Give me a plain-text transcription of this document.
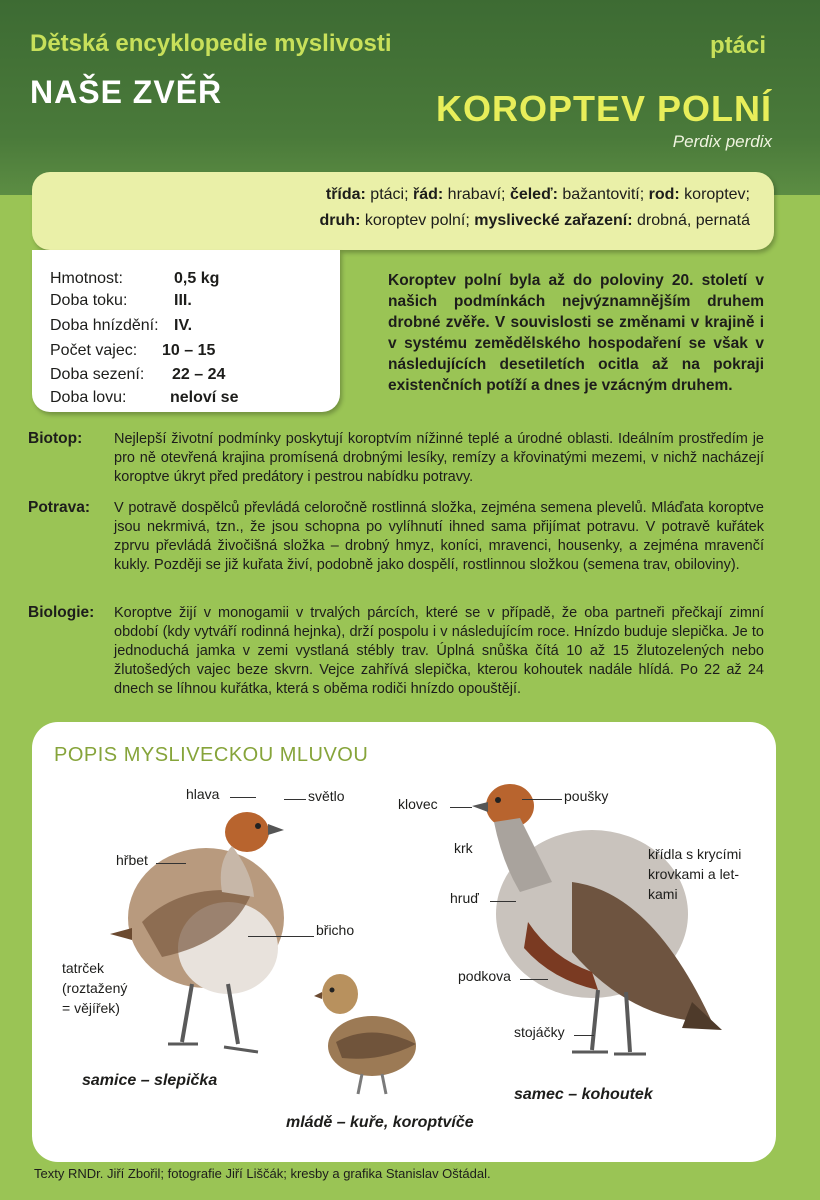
Dětská encyklopedie myslivosti
NAŠE ZVĚŘ
ptáci
KOROPTEV POLNÍ
Perdix perdix
třída: ptáci; řád: hrabaví; čeleď: bažantovití; rod: koroptev;
druh: koroptev polní; myslivecké zařazení: drobná, pernatá
Hmotnost:	0,5 kg
Doba toku:	III.
Doba hnízdění: IV.
Počet vajec: 10 – 15
Doba sezení: 22 – 24
Doba lovu:	neloví se
Koroptev polní byla až do poloviny 20. století v našich podmínkách nejvýznamnějším druhem drobné zvěře. V souvislosti se změnami v krajině i v systému zemědělského hospodaření se však v následujících desetiletích ocitla až na pokraji existenčních potíží a dnes je vzácným druhem.
Biotop: Nejlepší životní podmínky poskytují koroptvím nížinné teplé a úrodné oblasti. Ideálním prostředím je pro ně otevřená krajina promísená drobnými lesíky, remízy a křovinatými mezemi, v nichž nacházejí koroptve úkryt před predátory i pestrou nabídku potravy.
Potrava: V potravě dospělců převládá celoročně rostlinná složka, zejména semena plevelů. Mláďata koroptve jsou nekrmivá, tzn., že jsou schopna po vylíhnutí ihned sama přijímat potravu. V potravě kuřátek zprvu převládá živočišná složka – drobný hmyz, koníci, mravenci, housenky, a zejména mravenčí kukly. Později se již kuřata živí, podobně jako dospělí, rostlinnou složkou (semena trav, obiloviny).
Biologie: Koroptve žijí v monogamii v trvalých párcích, které se v případě, že oba partneři přečkají zimní období (kdy vytváří rodinná hejnka), drží pospolu i v následujícím roce. Hnízdo buduje slepička. Je to jednoduchá jamka v zemi vystlaná stébly trav. Úplná snůška čítá 10 až 15 žlutozelených nebo žlutošedých vajec beze skvrn. Vejce zahřívá slepička, kterou kohoutek nadále hlídá. Po 22 až 24 dnech se líhnou kuřátka, která s oběma rodiči hnízdo opouštějí.
POPIS MYSLIVECKOU MLUVOU
hlava	světlo
hřbet
břicho
tatrček
(roztažený
= vějířek)
klovec	poušky
krk
hruď
křídla s krycími
krovkami a let-
kami
podkova
stojáčky
samice – slepička
samec – kohoutek
mládě – kuře, koroptvíče
Texty RNDr. Jiří Zbořil; fotografie Jiří Liščák; kresby a grafika Stanislav Oštádal.
